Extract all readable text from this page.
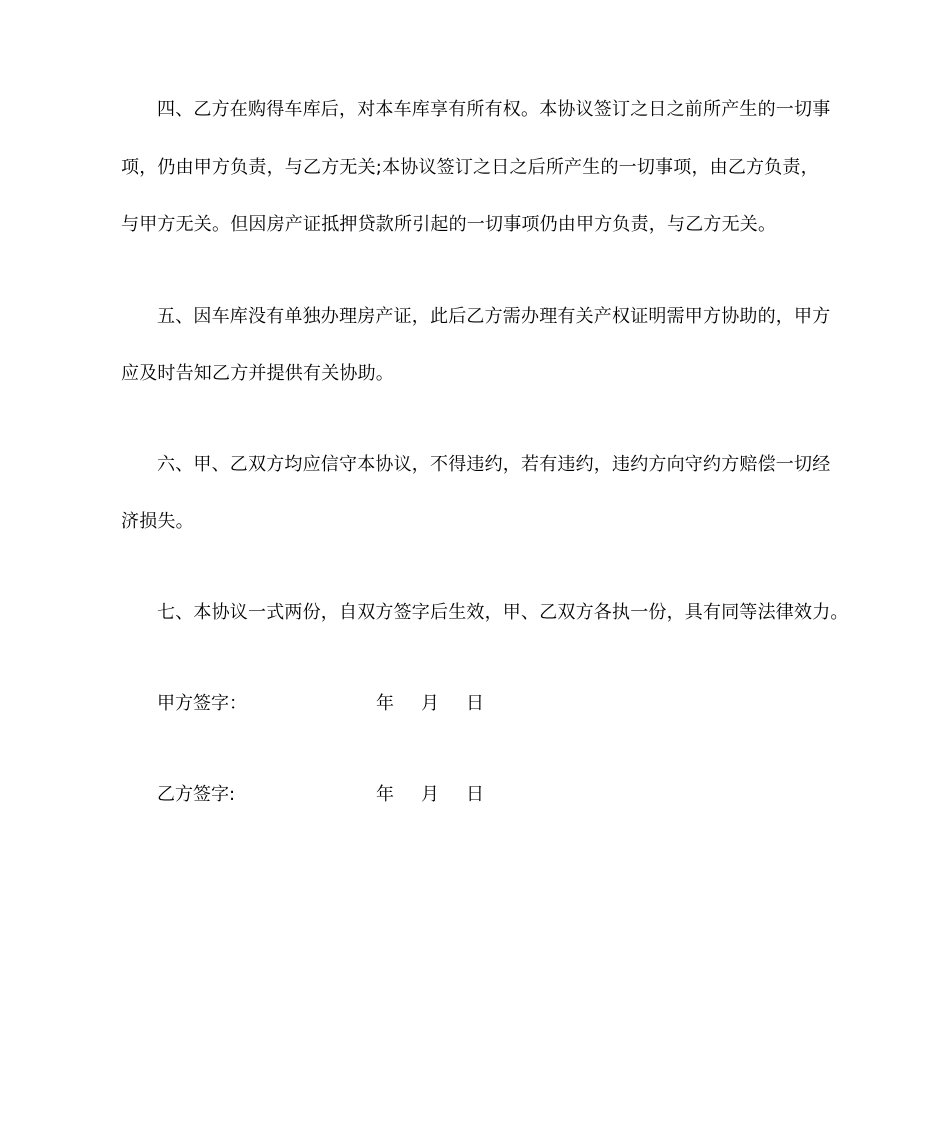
四、乙方在购得车库后，对本车库享有所有权。本协议签订之日之前所产生的一切事
项，仍由甲方负责，与乙方无关;本协议签订之日之后所产生的一切事项，由乙方负责，
与甲方无关。但因房产证抵押贷款所引起的一切事项仍由甲方负责，与乙方无关。
五、因车库没有单独办理房产证，此后乙方需办理有关产权证明需甲方协助的，甲方
应及时告知乙方并提供有关协助。
六、甲、乙双方均应信守本协议，不得违约，若有违约，违约方向守约方赔偿一切经
济损失。
七、本协议一式两份，自双方签字后生效，甲、乙双方各执一份，具有同等法律效力。
甲方签字：	年 月 日
乙方签字:	年 月 日
